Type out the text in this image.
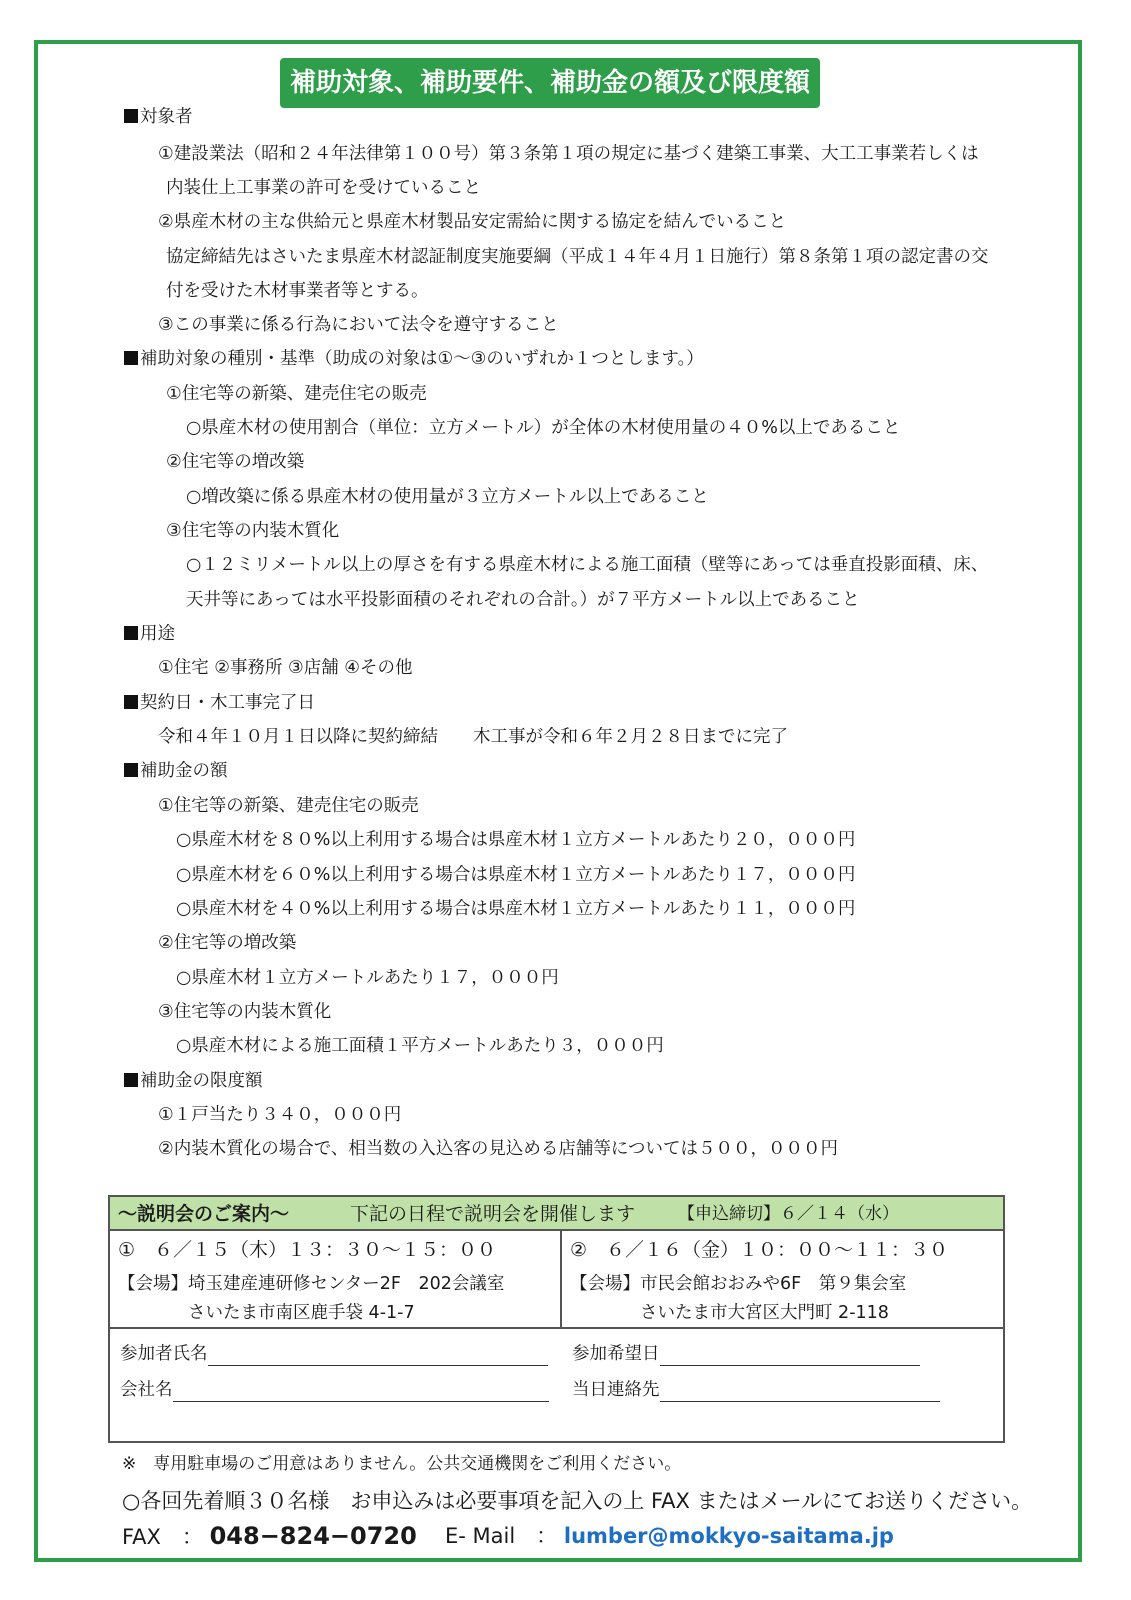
補助対象、補助要件、補助金の額及び限度額
対象者
①建設業法（昭和２４年法律第１００号）第３条第１項の規定に基づく建築工事業、大工工事業若しくは
内装仕上工事業の許可を受けていること
②県産木材の主な供給元と県産木材製品安定需給に関する協定を結んでいること
協定締結先はさいたま県産木材認証制度実施要綱（平成１４年４月１日施行）第８条第１項の認定書の交
付を受けた木材事業者等とする。
③この事業に係る行為において法令を遵守すること
補助対象の種別・基準（助成の対象は①～③のいずれか１つとします。）
①住宅等の新築、建売住宅の販売
○県産木材の使用割合（単位：立方メートル）が全体の木材使用量の４０%以上であること
②住宅等の増改築
○増改築に係る県産木材の使用量が３立方メートル以上であること
③住宅等の内装木質化
○１２ミリメートル以上の厚さを有する県産木材による施工面積（壁等にあっては垂直投影面積、床、
天井等にあっては水平投影面積のそれぞれの合計。）が７平方メートル以上であること
用途
①住宅 ②事務所 ③店舗 ④その他
契約日・木工事完了日
令和４年１０月１日以降に契約締結　　木工事が令和６年２月２８日までに完了
補助金の額
①住宅等の新築、建売住宅の販売
○県産木材を８０%以上利用する場合は県産木材１立方メートルあたり２０，０００円
○県産木材を６０%以上利用する場合は県産木材１立方メートルあたり１７，０００円
○県産木材を４０%以上利用する場合は県産木材１立方メートルあたり１１，０００円
②住宅等の増改築
○県産木材１立方メートルあたり１７，０００円
③住宅等の内装木質化
○県産木材による施工面積１平方メートルあたり３，０００円
補助金の限度額
①１戸当たり３４０，０００円
②内装木質化の場合で、相当数の入込客の見込める店舗等については５００，０００円
～説明会のご案内～	下記の日程で説明会を開催します	【申込締切】６／１４（水）
①　６／１５（木）１３：３０～１５：００
【会場】埼玉建産連研修センター2F　202会議室
さいたま市南区鹿手袋 4-1-7
②　６／１６（金）１０：００～１１：３０
【会場】市民会館おおみや6F　第９集会室
さいたま市大宮区大門町 2-118
参加者氏名
会社名
参加希望日
当日連絡先
※　専用駐車場のご用意はありません。公共交通機関をご利用ください。
○各回先着順３０名様　お申込みは必要事項を記入の上 FAX またはメールにてお送りください。
FAX　： 048−824−0720 E- Mail　： lumber@mokkyo-saitama.jp
